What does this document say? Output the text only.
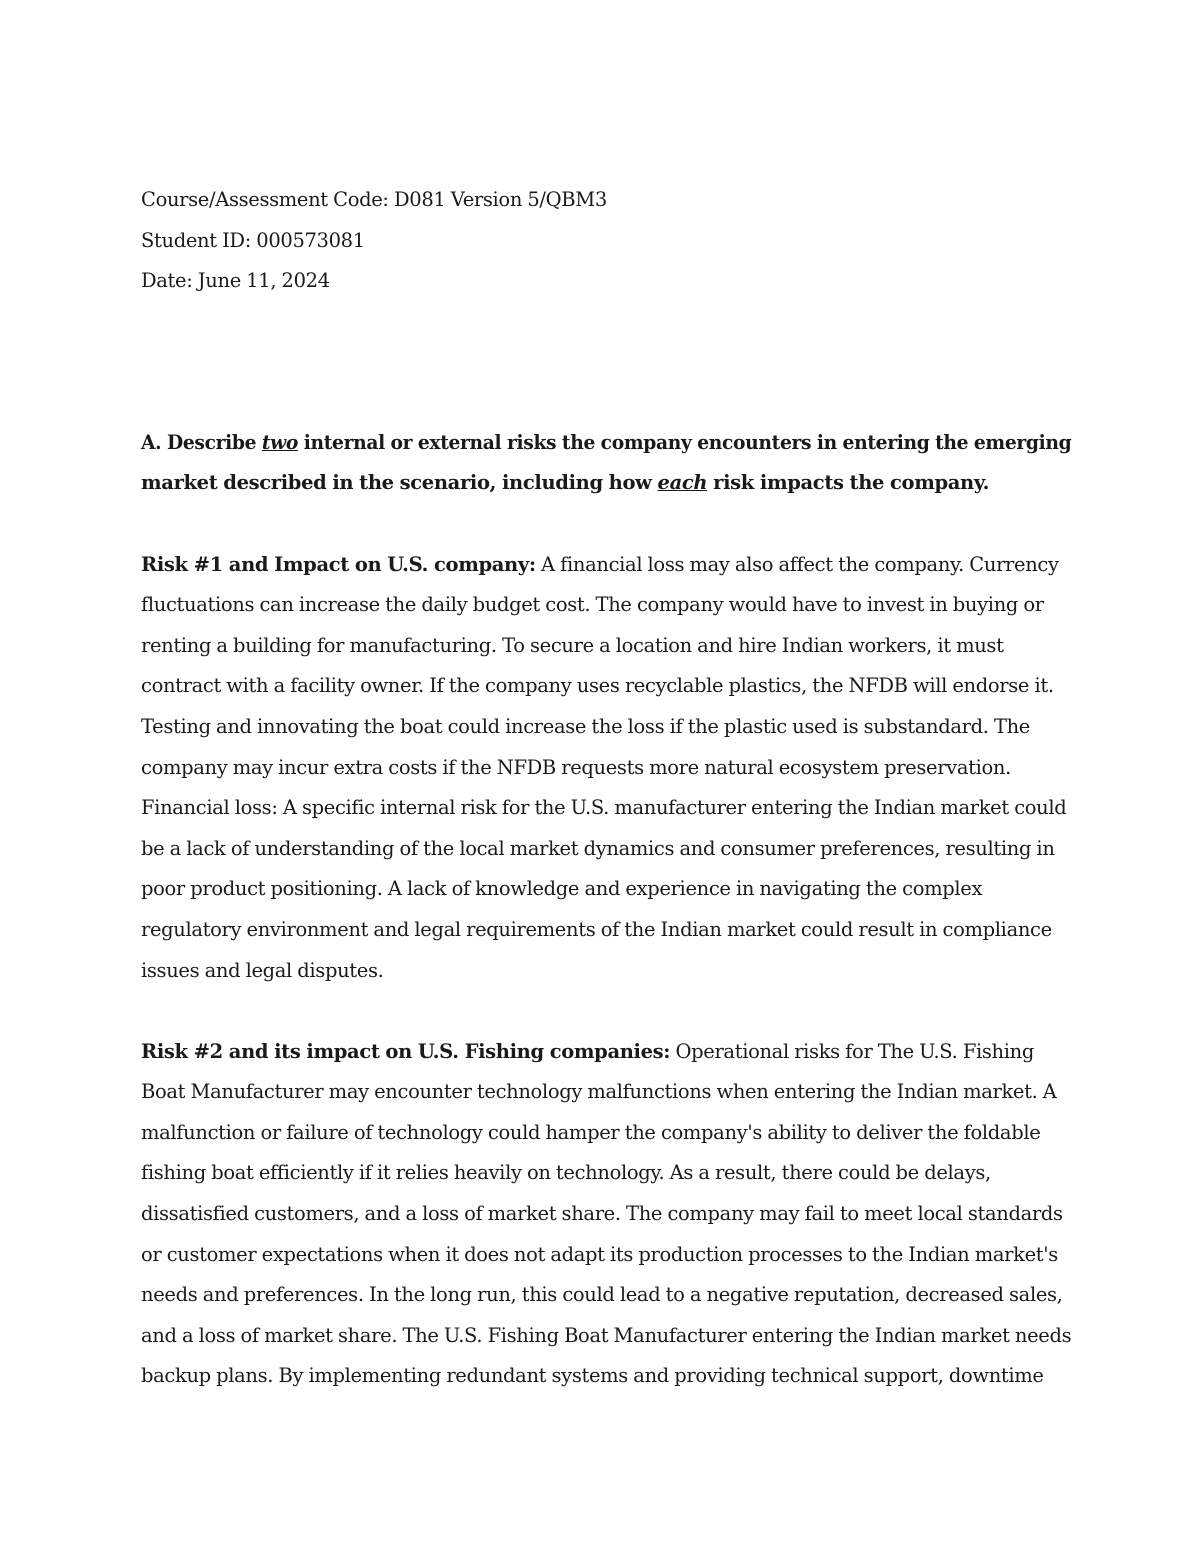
Course/Assessment Code: D081 Version 5/QBM3
Student ID: 000573081
Date: June 11, 2024
A. Describe two internal or external risks the company encounters in entering the emerging
market described in the scenario, including how each risk impacts the company.
Risk #1 and Impact on U.S. company: A financial loss may also affect the company. Currency
fluctuations can increase the daily budget cost. The company would have to invest in buying or
renting a building for manufacturing. To secure a location and hire Indian workers, it must
contract with a facility owner. If the company uses recyclable plastics, the NFDB will endorse it.
Testing and innovating the boat could increase the loss if the plastic used is substandard. The
company may incur extra costs if the NFDB requests more natural ecosystem preservation.
Financial loss: A specific internal risk for the U.S. manufacturer entering the Indian market could
be a lack of understanding of the local market dynamics and consumer preferences, resulting in
poor product positioning. A lack of knowledge and experience in navigating the complex
regulatory environment and legal requirements of the Indian market could result in compliance
issues and legal disputes.
Risk #2 and its impact on U.S. Fishing companies: Operational risks for The U.S. Fishing
Boat Manufacturer may encounter technology malfunctions when entering the Indian market. A
malfunction or failure of technology could hamper the company's ability to deliver the foldable
fishing boat efficiently if it relies heavily on technology. As a result, there could be delays,
dissatisfied customers, and a loss of market share. The company may fail to meet local standards
or customer expectations when it does not adapt its production processes to the Indian market's
needs and preferences. In the long run, this could lead to a negative reputation, decreased sales,
and a loss of market share. The U.S. Fishing Boat Manufacturer entering the Indian market needs
backup plans. By implementing redundant systems and providing technical support, downtime
